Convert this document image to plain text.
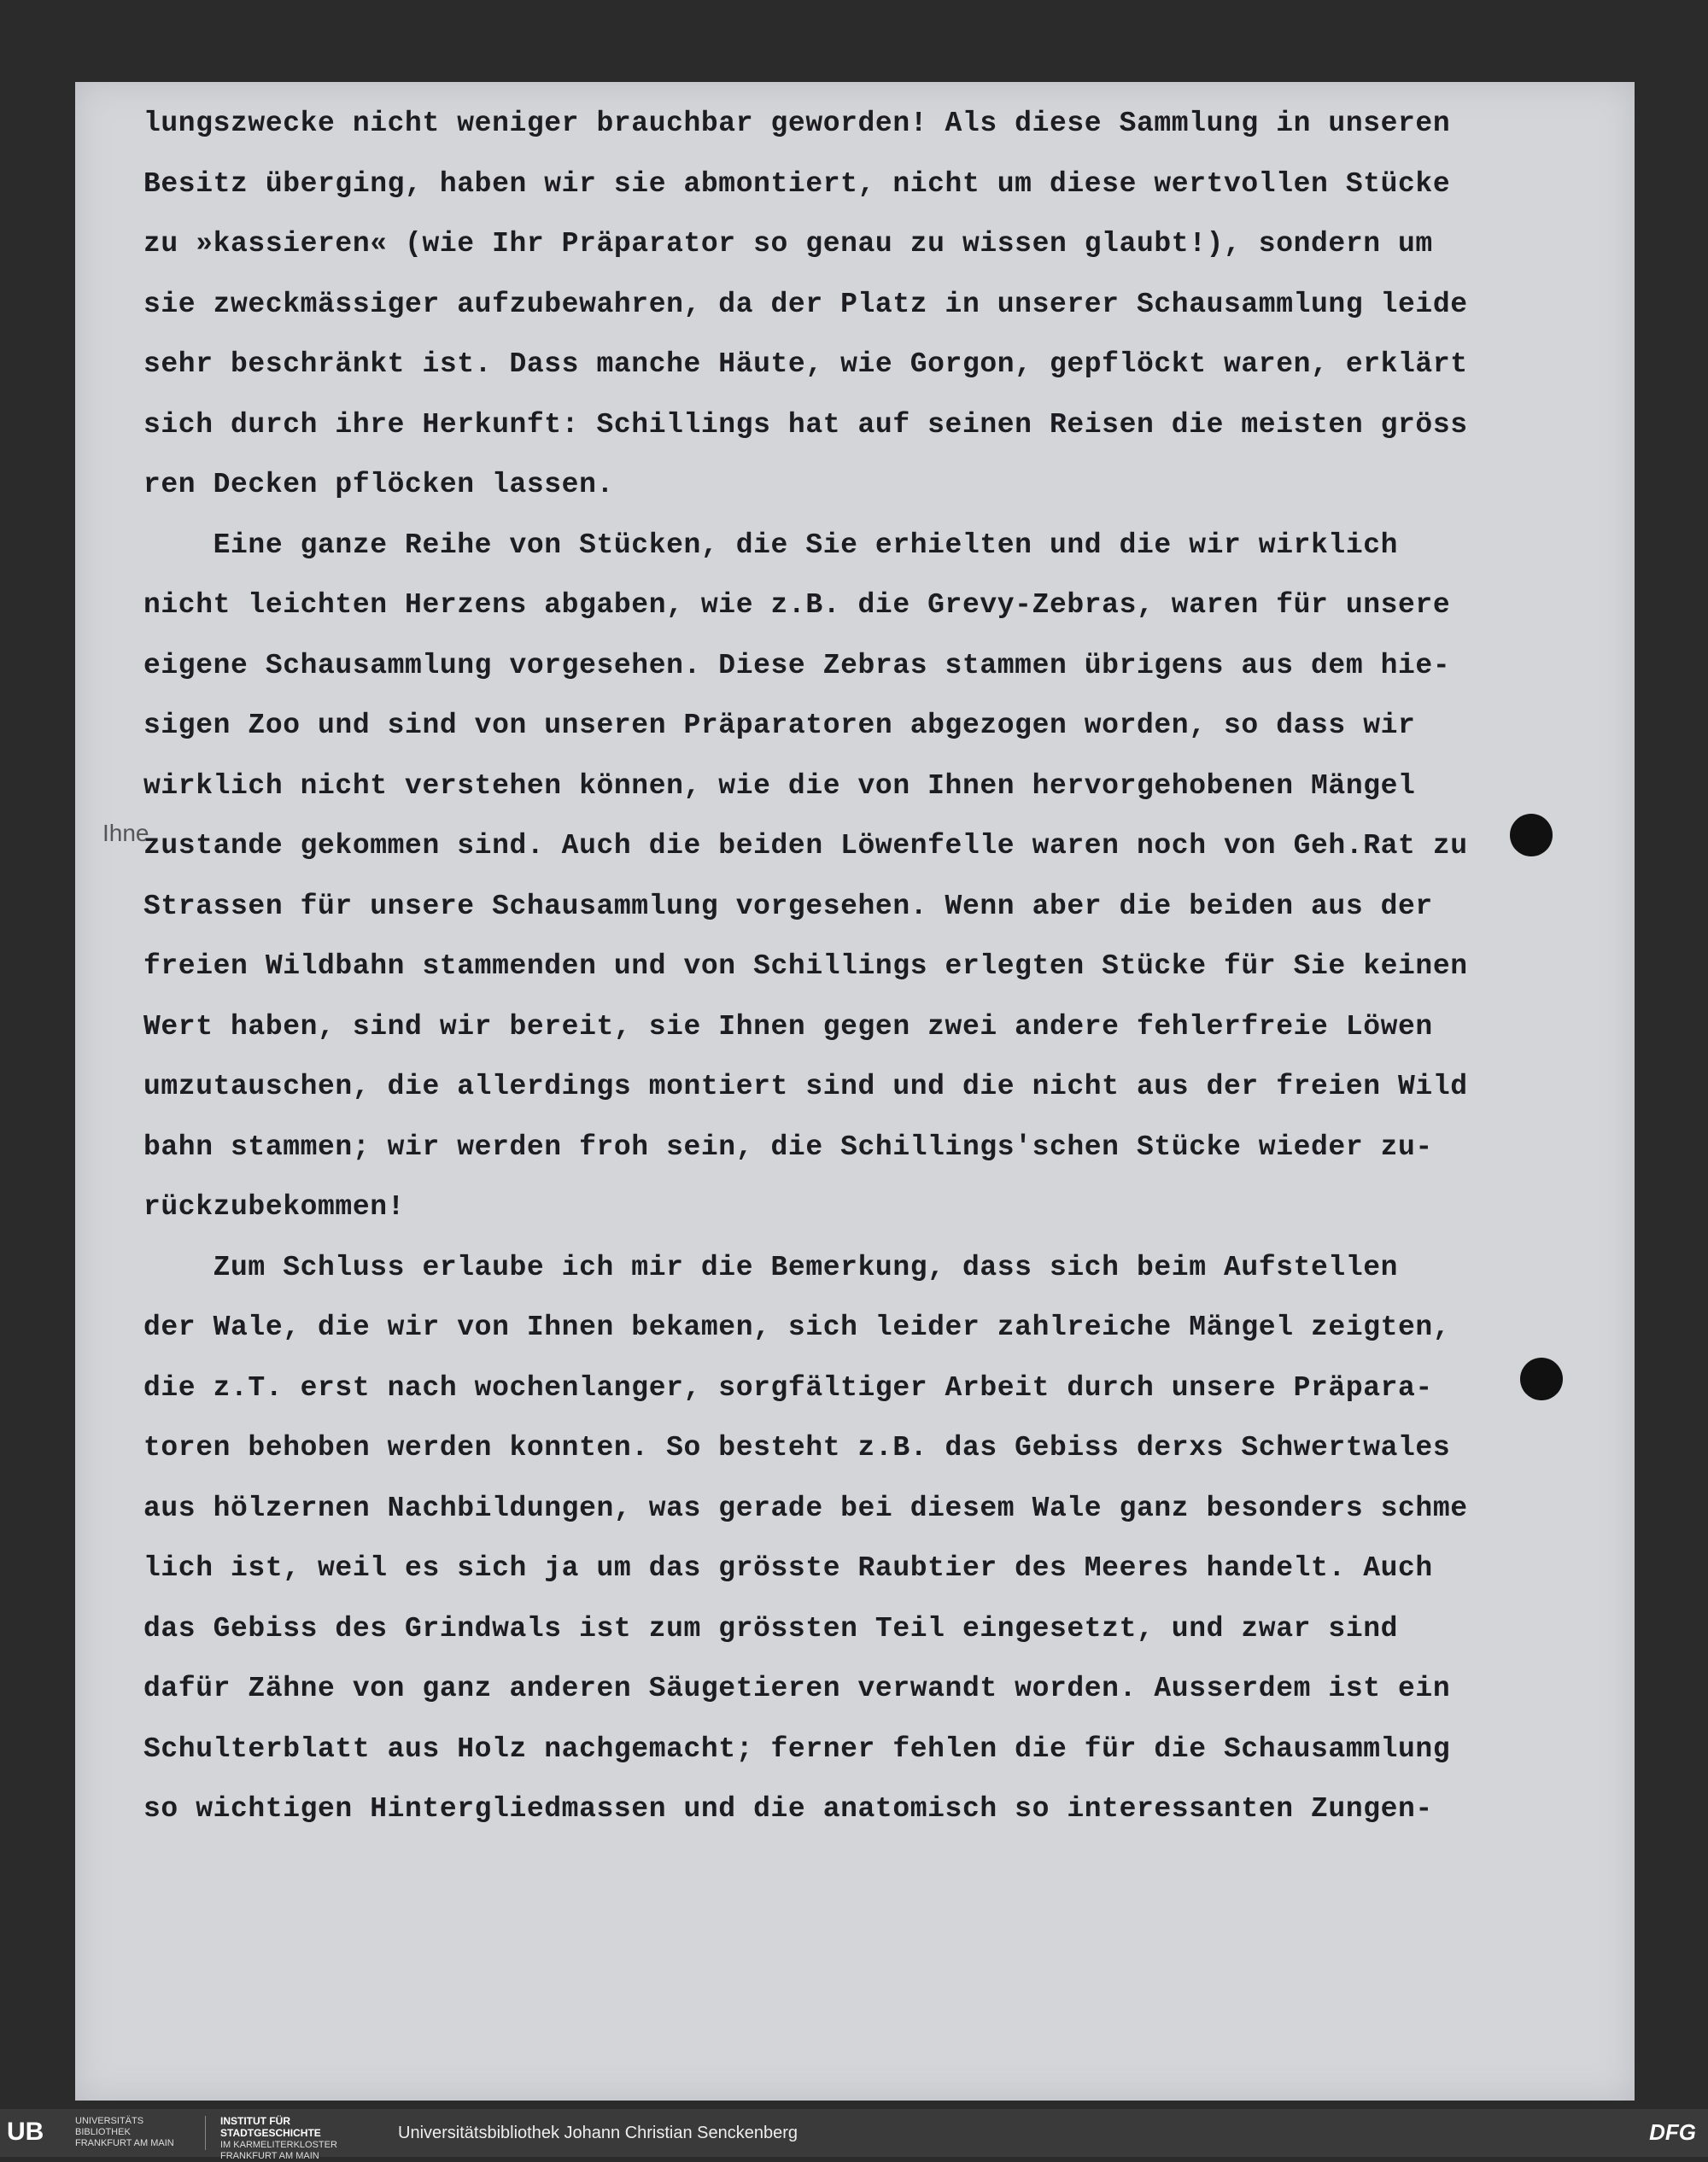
Ihne
lungszwecke nicht weniger brauchbar geworden! Als diese Sammlung in unseren
Besitz überging, haben wir sie abmontiert, nicht um diese wertvollen Stücke
zu »kassieren« (wie Ihr Präparator so genau zu wissen glaubt!), sondern um
sie zweckmässiger aufzubewahren, da der Platz in unserer Schausammlung leide
sehr beschränkt ist. Dass manche Häute, wie Gorgon, gepflöckt waren, erklärt
sich durch ihre Herkunft: Schillings hat auf seinen Reisen die meisten gröss
ren Decken pflöcken lassen.
Eine ganze Reihe von Stücken, die Sie erhielten und die wir wirklich
nicht leichten Herzens abgaben, wie z.B. die Grevy-Zebras, waren für unsere
eigene Schausammlung vorgesehen. Diese Zebras stammen übrigens aus dem hie-
sigen Zoo und sind von unseren Präparatoren abgezogen worden, so dass wir
wirklich nicht verstehen können, wie die von Ihnen hervorgehobenen Mängel
zustande gekommen sind. Auch die beiden Löwenfelle waren noch von Geh.Rat zu
Strassen für unsere Schausammlung vorgesehen. Wenn aber die beiden aus der
freien Wildbahn stammenden und von Schillings erlegten Stücke für Sie keinen
Wert haben, sind wir bereit, sie Ihnen gegen zwei andere fehlerfreie Löwen
umzutauschen, die allerdings montiert sind und die nicht aus der freien Wild
bahn stammen; wir werden froh sein, die Schillings'schen Stücke wieder zu-
rückzubekommen!
Zum Schluss erlaube ich mir die Bemerkung, dass sich beim Aufstellen
der Wale, die wir von Ihnen bekamen, sich leider zahlreiche Mängel zeigten,
die z.T. erst nach wochenlanger, sorgfältiger Arbeit durch unsere Präpara-
toren behoben werden konnten. So besteht z.B. das Gebiss derxs Schwertwales
aus hölzernen Nachbildungen, was gerade bei diesem Wale ganz besonders schme
lich ist, weil es sich ja um das grösste Raubtier des Meeres handelt. Auch
das Gebiss des Grindwals ist zum grössten Teil eingesetzt, und zwar sind
dafür Zähne von ganz anderen Säugetieren verwandt worden. Ausserdem ist ein
Schulterblatt aus Holz nachgemacht; ferner fehlen die für die Schausammlung
so wichtigen Hintergliedmassen und die anatomisch so interessanten Zungen-
UB	UNIVERSITÄTS BIBLIOTHEK FRANKFURT AM MAIN
INSTITUT FÜR STADTGESCHICHTE
IM KARMELITERKLOSTER FRANKFURT AM MAIN
Universitätsbibliothek Johann Christian Senckenberg	DFG
